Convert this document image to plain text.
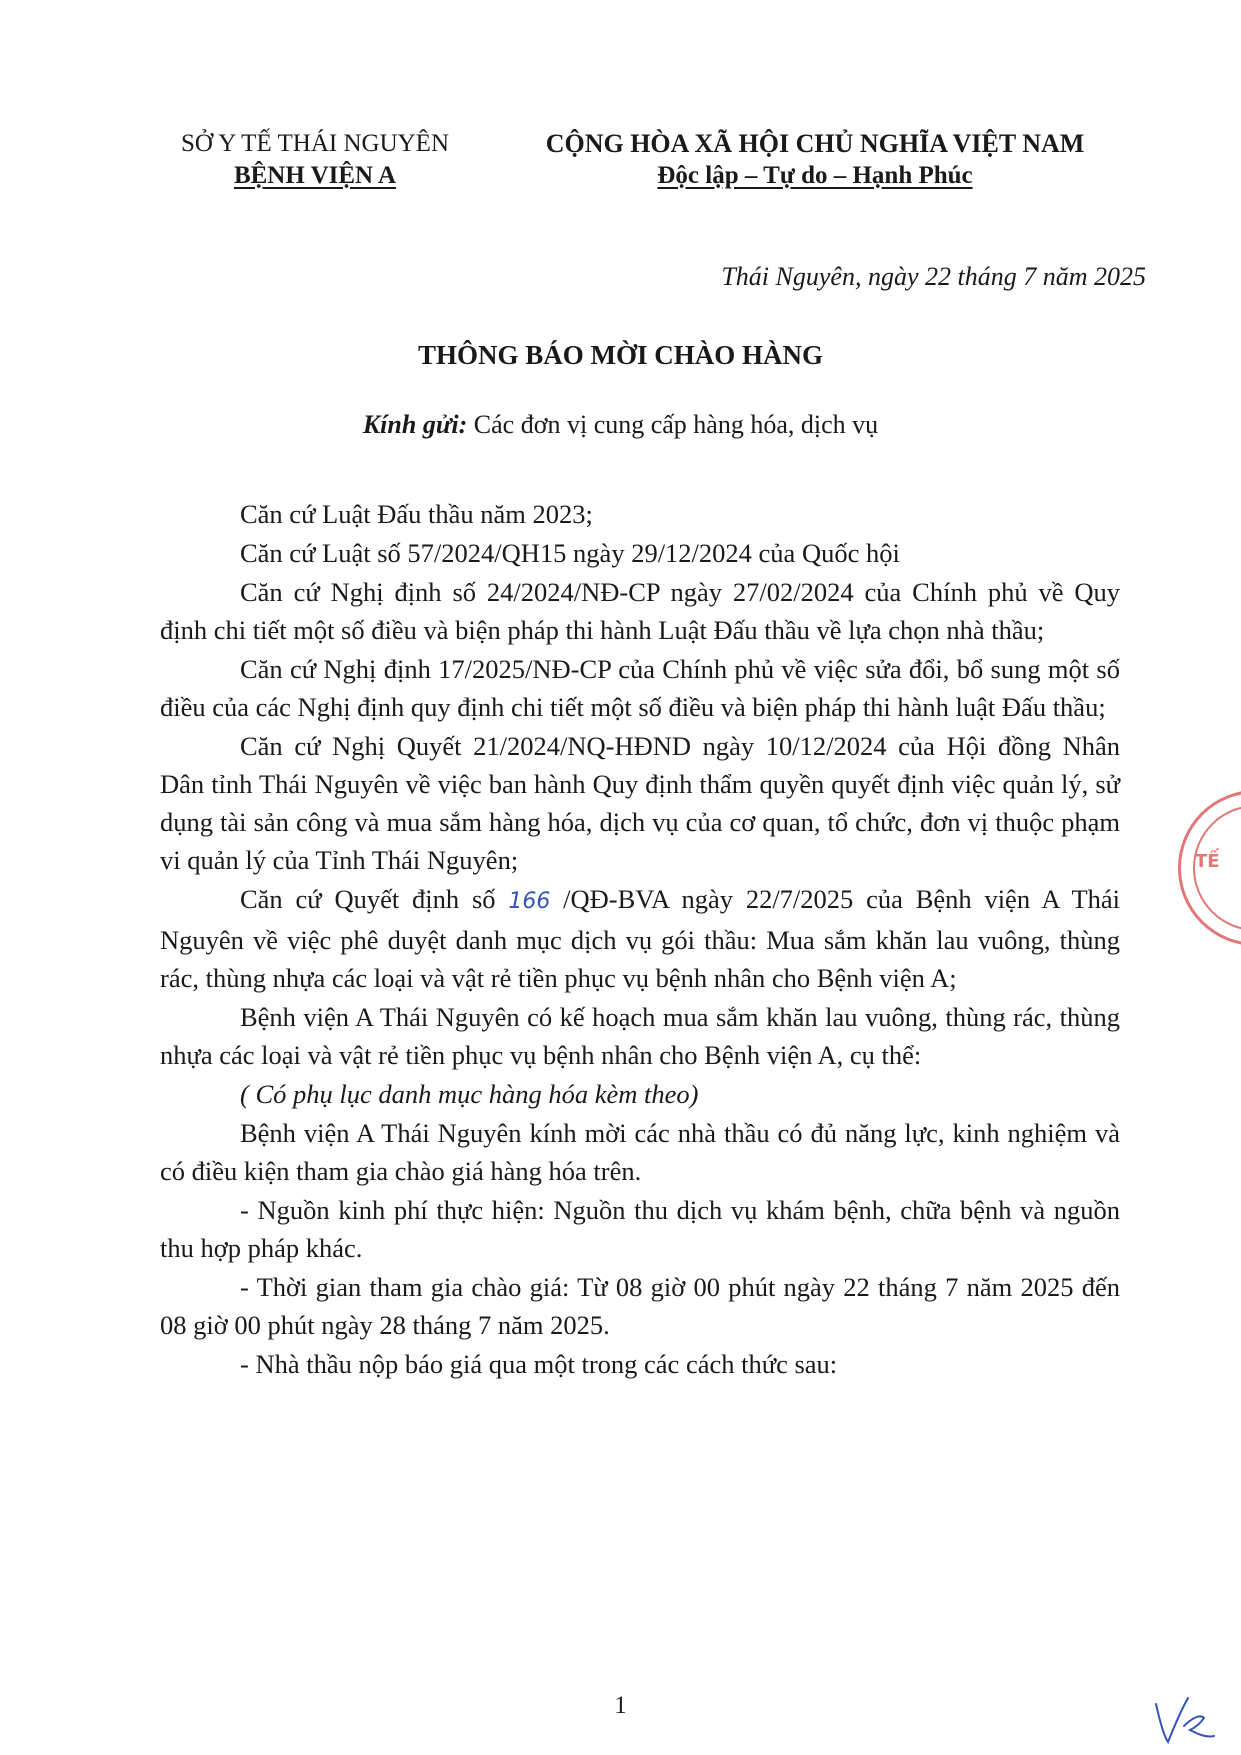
SỞ Y TẾ THÁI NGUYÊN
BỆNH VIỆN A
CỘNG HÒA XÃ HỘI CHỦ NGHĨA VIỆT NAM
Độc lập – Tự do – Hạnh Phúc
Thái Nguyên, ngày 22 tháng 7 năm 2025
THÔNG BÁO MỜI CHÀO HÀNG
Kính gửi: Các đơn vị cung cấp hàng hóa, dịch vụ

Căn cứ Luật Đấu thầu năm 2023;

Căn cứ Luật số 57/2024/QH15 ngày 29/12/2024 của Quốc hội

Căn cứ Nghị định số 24/2024/NĐ-CP ngày 27/02/2024 của Chính phủ về Quy định chi tiết một số điều và biện pháp thi hành Luật Đấu thầu về lựa chọn nhà thầu;

Căn cứ Nghị định 17/2025/NĐ-CP của Chính phủ về việc sửa đổi, bổ sung một số điều của các Nghị định quy định chi tiết một số điều và biện pháp thi hành luật Đấu thầu;

Căn cứ Nghị Quyết 21/2024/NQ-HĐND ngày 10/12/2024 của Hội đồng Nhân Dân tỉnh Thái Nguyên về việc ban hành Quy định thẩm quyền quyết định việc quản lý, sử dụng tài sản công và mua sắm hàng hóa, dịch vụ của cơ quan, tổ chức, đơn vị thuộc phạm vi quản lý của Tỉnh Thái Nguyên;

Căn cứ Quyết định số 166 /QĐ-BVA ngày 22/7/2025 của Bệnh viện A Thái Nguyên về việc phê duyệt danh mục dịch vụ gói thầu: Mua sắm khăn lau vuông, thùng rác, thùng nhựa các loại và vật rẻ tiền phục vụ bệnh nhân cho Bệnh viện A;

Bệnh viện A Thái Nguyên có kế hoạch mua sắm khăn lau vuông, thùng rác, thùng nhựa các loại và vật rẻ tiền phục vụ bệnh nhân cho Bệnh viện A, cụ thể:

( Có phụ lục danh mục hàng hóa kèm theo)

Bệnh viện A Thái Nguyên kính mời các nhà thầu có đủ năng lực, kinh nghiệm và có điều kiện tham gia chào giá hàng hóa trên.

- Nguồn kinh phí thực hiện: Nguồn thu dịch vụ khám bệnh, chữa bệnh và nguồn thu hợp pháp khác.

- Thời gian tham gia chào giá: Từ 08 giờ 00 phút ngày 22 tháng 7 năm 2025 đến 08 giờ 00 phút ngày 28 tháng 7 năm 2025.

- Nhà thầu nộp báo giá qua một trong các cách thức sau:

TẾ
1
